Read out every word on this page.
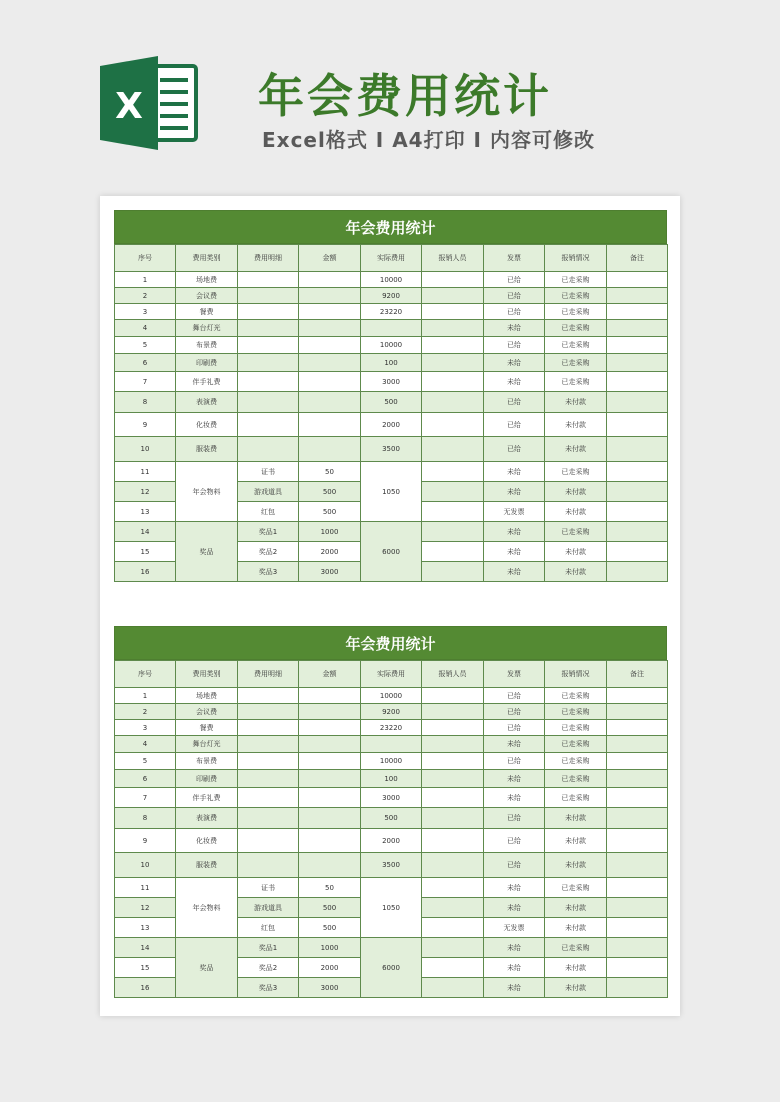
X	年会费用统计
Excel格式 I A4打印 I 内容可修改
年会费用统计
序号	费用类别	费用明细	金额	实际费用	报销人员	发票	报销情况	备注
1	场地费			10000		已给	已走采购	
2	会议费			9200		已给	已走采购	
3	餐费			23220		已给	已走采购	
4	舞台灯光					未给	已走采购	
5	布景费			10000		已给	已走采购	
6	印刷费			100		未给	已走采购	
7	伴手礼费			3000		未给	已走采购	
8	表演费			500		已给	未付款	
9	化妆费			2000		已给	未付款	
10	服装费			3500		已给	未付款	
11	年会物料	证书	50	1050		未给	已走采购	
12		游戏道具	500			未给	未付款	
13		红包	500			无发票	未付款	
14	奖品	奖品1	1000	6000		未给	已走采购	
15		奖品2	2000			未给	未付款	
16		奖品3	3000			未给	未付款	
年会费用统计
序号	费用类别	费用明细	金额	实际费用	报销人员	发票	报销情况	备注
1	场地费			10000		已给	已走采购	
2	会议费			9200		已给	已走采购	
3	餐费			23220		已给	已走采购	
4	舞台灯光					未给	已走采购	
5	布景费			10000		已给	已走采购	
6	印刷费			100		未给	已走采购	
7	伴手礼费			3000		未给	已走采购	
8	表演费			500		已给	未付款	
9	化妆费			2000		已给	未付款	
10	服装费			3500		已给	未付款	
11	年会物料	证书	50	1050		未给	已走采购	
12		游戏道具	500			未给	未付款	
13		红包	500			无发票	未付款	
14	奖品	奖品1	1000	6000		未给	已走采购	
15		奖品2	2000			未给	未付款	
16		奖品3	3000			未给	未付款	
